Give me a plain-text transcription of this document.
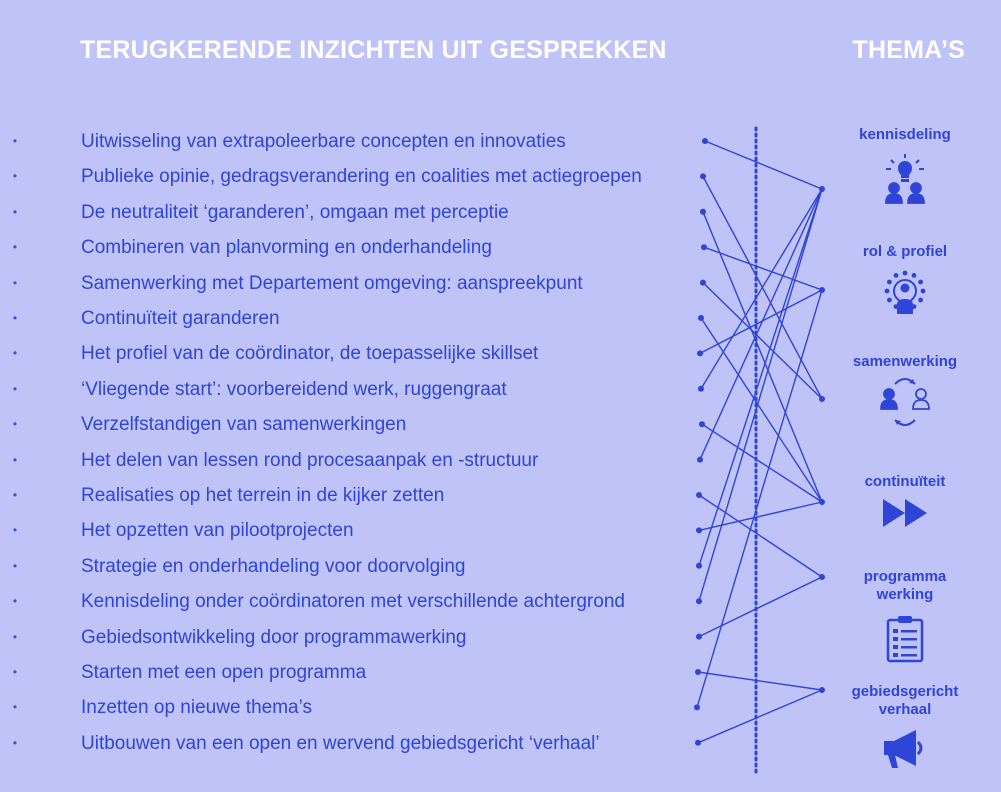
TERUGKERENDE INZICHTEN UIT GESPREKKEN	THEMA’S
•	Uitwisseling van extrapoleerbare concepten en innovaties
•	Publieke opinie, gedragsverandering en coalities met actiegroepen
•	De neutraliteit ‘garanderen’, omgaan met perceptie
•	Combineren van planvorming en onderhandeling
•	Samenwerking met Departement omgeving: aanspreekpunt
•	Continuïteit garanderen
•	Het profiel van de coördinator, de toepasselijke skillset
•	‘Vliegende start’: voorbereidend werk, ruggengraat
•	Verzelfstandigen van samenwerkingen
•	Het delen van lessen rond procesaanpak en -structuur
•	Realisaties op het terrein in de kijker zetten
•	Het opzetten van pilootprojecten
•	Strategie en onderhandeling voor doorvolging
•	Kennisdeling onder coördinatoren met verschillende achtergrond
•	Gebiedsontwikkeling door programmawerking
•	Starten met een open programma
•	Inzetten op nieuwe thema’s
•	Uitbouwen van een open en wervend gebiedsgericht ‘verhaal’
kennisdeling
rol & profiel
samenwerking
continuïteit
programma
werking
gebiedsgericht
verhaal
